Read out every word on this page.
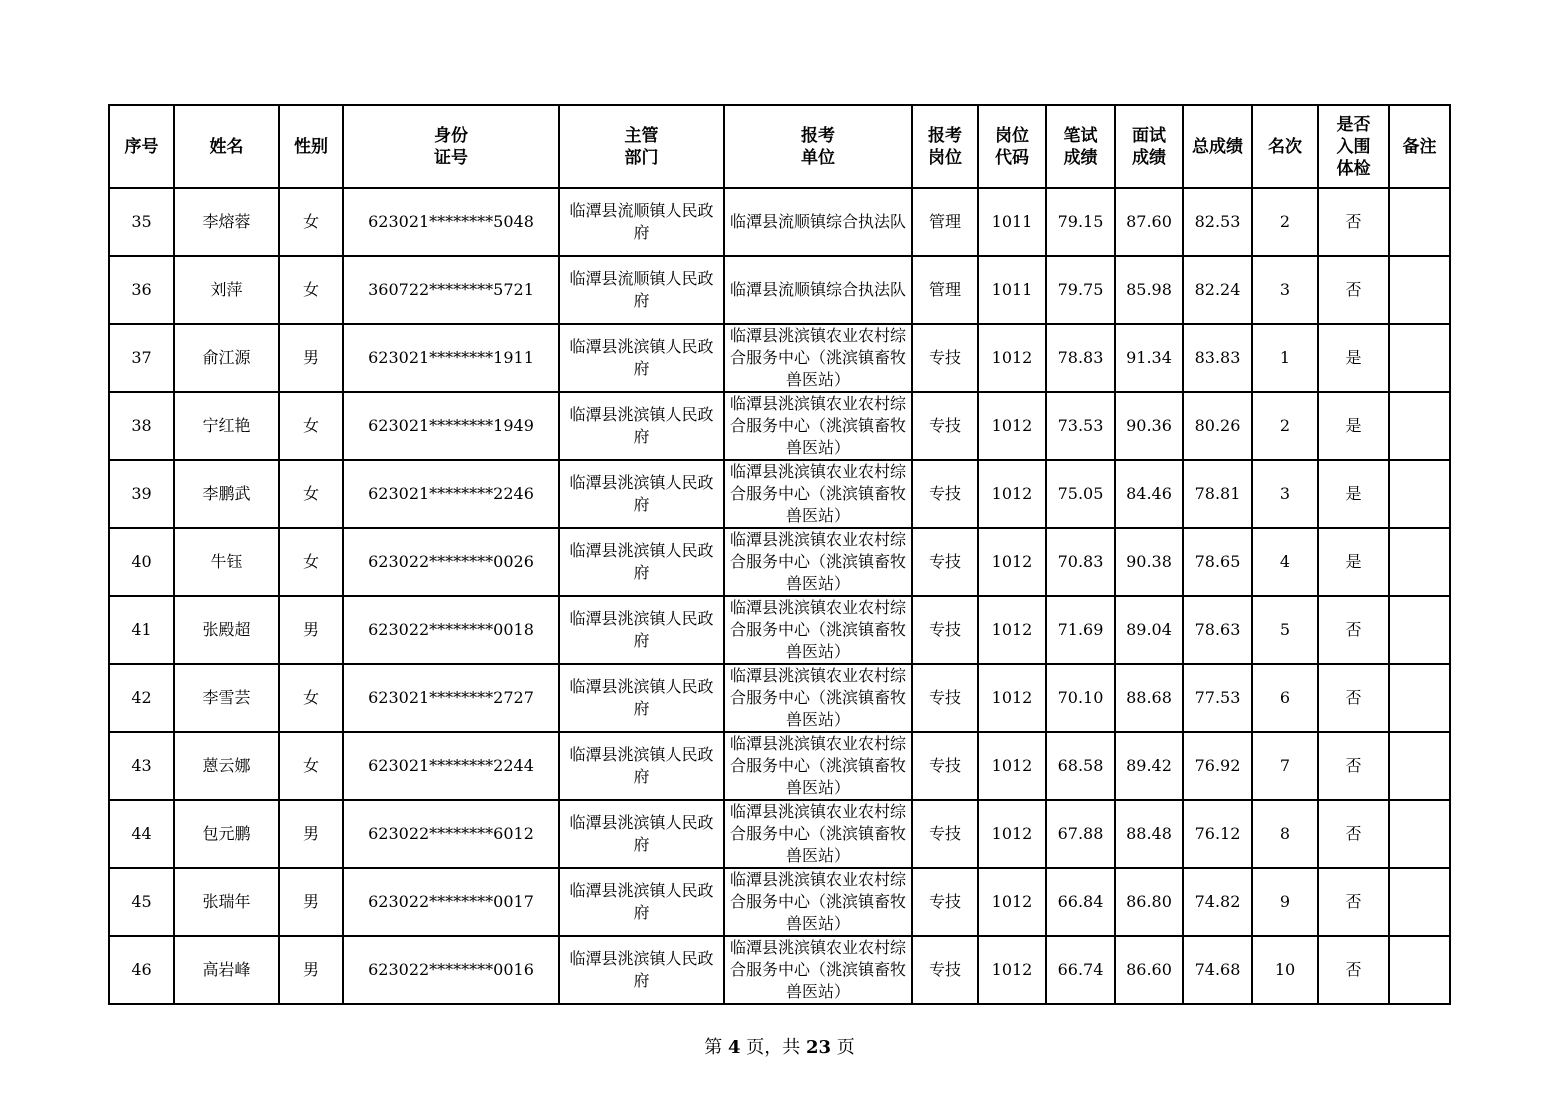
序号	姓名	性别	身份证号	主管部门	报考单位	报考岗位	岗位代码	笔试成绩	面试成绩	总成绩	名次	是否入围体检	备注
35	李熔蓉	女	623021********5048	临潭县流顺镇人民政府	临潭县流顺镇综合执法队	管理	1011	79.15	87.60	82.53	2	否	
36	刘萍	女	360722********5721	临潭县流顺镇人民政府	临潭县流顺镇综合执法队	管理	1011	79.75	85.98	82.24	3	否	
37	俞江源	男	623021********1911	临潭县洮滨镇人民政府	临潭县洮滨镇农业农村综合服务中心（洮滨镇畜牧兽医站）	专技	1012	78.83	91.34	83.83	1	是	
38	宁红艳	女	623021********1949	临潭县洮滨镇人民政府	临潭县洮滨镇农业农村综合服务中心（洮滨镇畜牧兽医站）	专技	1012	73.53	90.36	80.26	2	是	
39	李鹏武	女	623021********2246	临潭县洮滨镇人民政府	临潭县洮滨镇农业农村综合服务中心（洮滨镇畜牧兽医站）	专技	1012	75.05	84.46	78.81	3	是	
40	牛钰	女	623022********0026	临潭县洮滨镇人民政府	临潭县洮滨镇农业农村综合服务中心（洮滨镇畜牧兽医站）	专技	1012	70.83	90.38	78.65	4	是	
41	张殿超	男	623022********0018	临潭县洮滨镇人民政府	临潭县洮滨镇农业农村综合服务中心（洮滨镇畜牧兽医站）	专技	1012	71.69	89.04	78.63	5	否	
42	李雪芸	女	623021********2727	临潭县洮滨镇人民政府	临潭县洮滨镇农业农村综合服务中心（洮滨镇畜牧兽医站）	专技	1012	70.10	88.68	77.53	6	否	
43	蒽云娜	女	623021********2244	临潭县洮滨镇人民政府	临潭县洮滨镇农业农村综合服务中心（洮滨镇畜牧兽医站）	专技	1012	68.58	89.42	76.92	7	否	
44	包元鹏	男	623022********6012	临潭县洮滨镇人民政府	临潭县洮滨镇农业农村综合服务中心（洮滨镇畜牧兽医站）	专技	1012	67.88	88.48	76.12	8	否	
45	张瑞年	男	623022********0017	临潭县洮滨镇人民政府	临潭县洮滨镇农业农村综合服务中心（洮滨镇畜牧兽医站）	专技	1012	66.84	86.80	74.82	9	否	
46	高岩峰	男	623022********0016	临潭县洮滨镇人民政府	临潭县洮滨镇农业农村综合服务中心（洮滨镇畜牧兽医站）	专技	1012	66.74	86.60	74.68	10	否	
第 4 页，共 23 页
